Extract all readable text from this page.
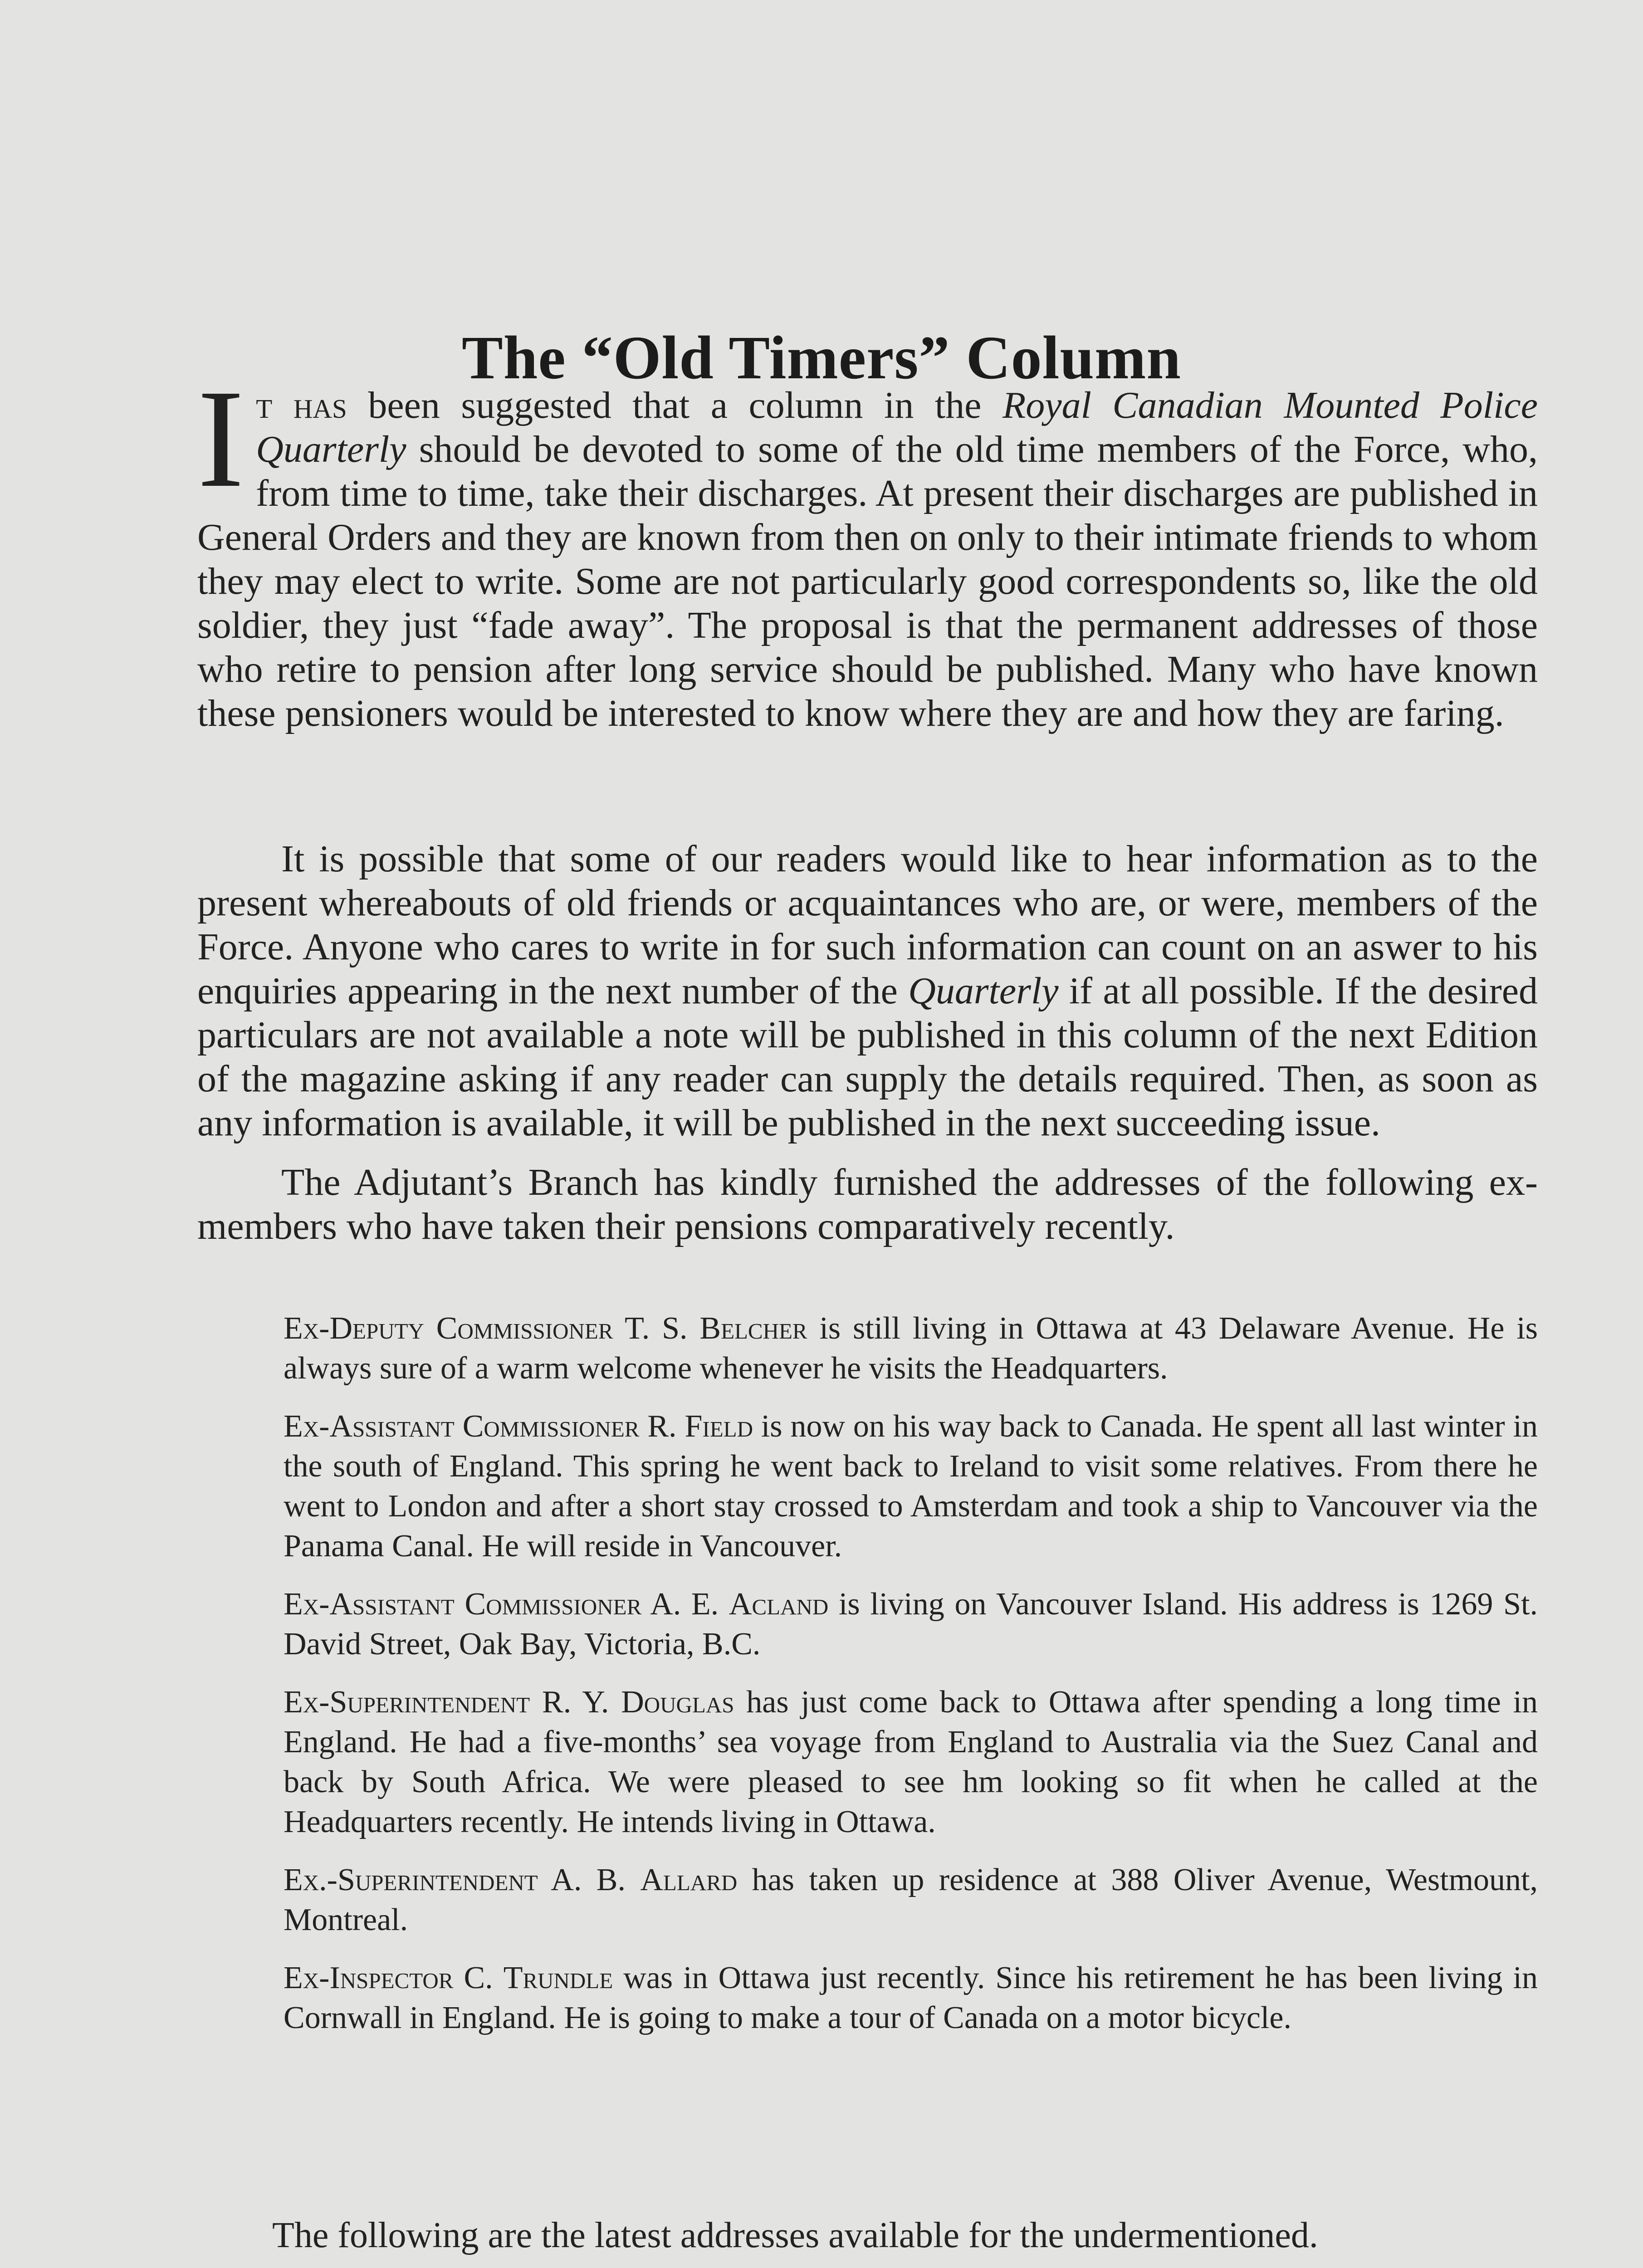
The “Old Timers” Column
It has been suggested that a column in the Royal Canadian Mounted Police Quarterly should be devoted to some of the old time members of the Force, who, from time to time, take their discharges. At present their discharges are published in General Orders and they are known from then on only to their intimate friends to whom they may elect to write. Some are not particularly good correspondents so, like the old soldier, they just “fade away”. The proposal is that the permanent addresses of those who retire to pension after long service should be published. Many who have known these pensioners would be interested to know where they are and how they are faring.

It is possible that some of our readers would like to hear information as to the present whereabouts of old friends or acquaintances who are, or were, members of the Force. Anyone who cares to write in for such information can count on an aswer to his enquiries appearing in the next number of the Quarterly if at all possible. If the desired particulars are not available a note will be published in this column of the next Edition of the magazine asking if any reader can supply the details required. Then, as soon as any information is available, it will be published in the next succeeding issue.

The Adjutant’s Branch has kindly furnished the addresses of the following ex-members who have taken their pensions comparatively recently.

Ex-Deputy Commissioner T. S. Belcher is still living in Ottawa at 43 Delaware Avenue. He is always sure of a warm welcome whenever he visits the Headquarters.

Ex-Assistant Commissioner R. Field is now on his way back to Canada. He spent all last winter in the south of England. This spring he went back to Ireland to visit some relatives. From there he went to London and after a short stay crossed to Amsterdam and took a ship to Vancouver via the Panama Canal. He will reside in Vancouver.

Ex-Assistant Commissioner A. E. Acland is living on Vancouver Island. His address is 1269 St. David Street, Oak Bay, Victoria, B.C.

Ex-Superintendent R. Y. Douglas has just come back to Ottawa after spending a long time in England. He had a five-months’ sea voyage from England to Australia via the Suez Canal and back by South Africa. We were pleased to see hm looking so fit when he called at the Headquarters recently. He intends living in Ottawa.

Ex.-Superintendent A. B. Allard has taken up residence at 388 Oliver Avenue, Westmount, Montreal.

Ex-Inspector C. Trundle was in Ottawa just recently. Since his retirement he has been living in Cornwall in England. He is going to make a tour of Canada on a motor bicycle.

The following are the latest addresses available for the undermentioned.
